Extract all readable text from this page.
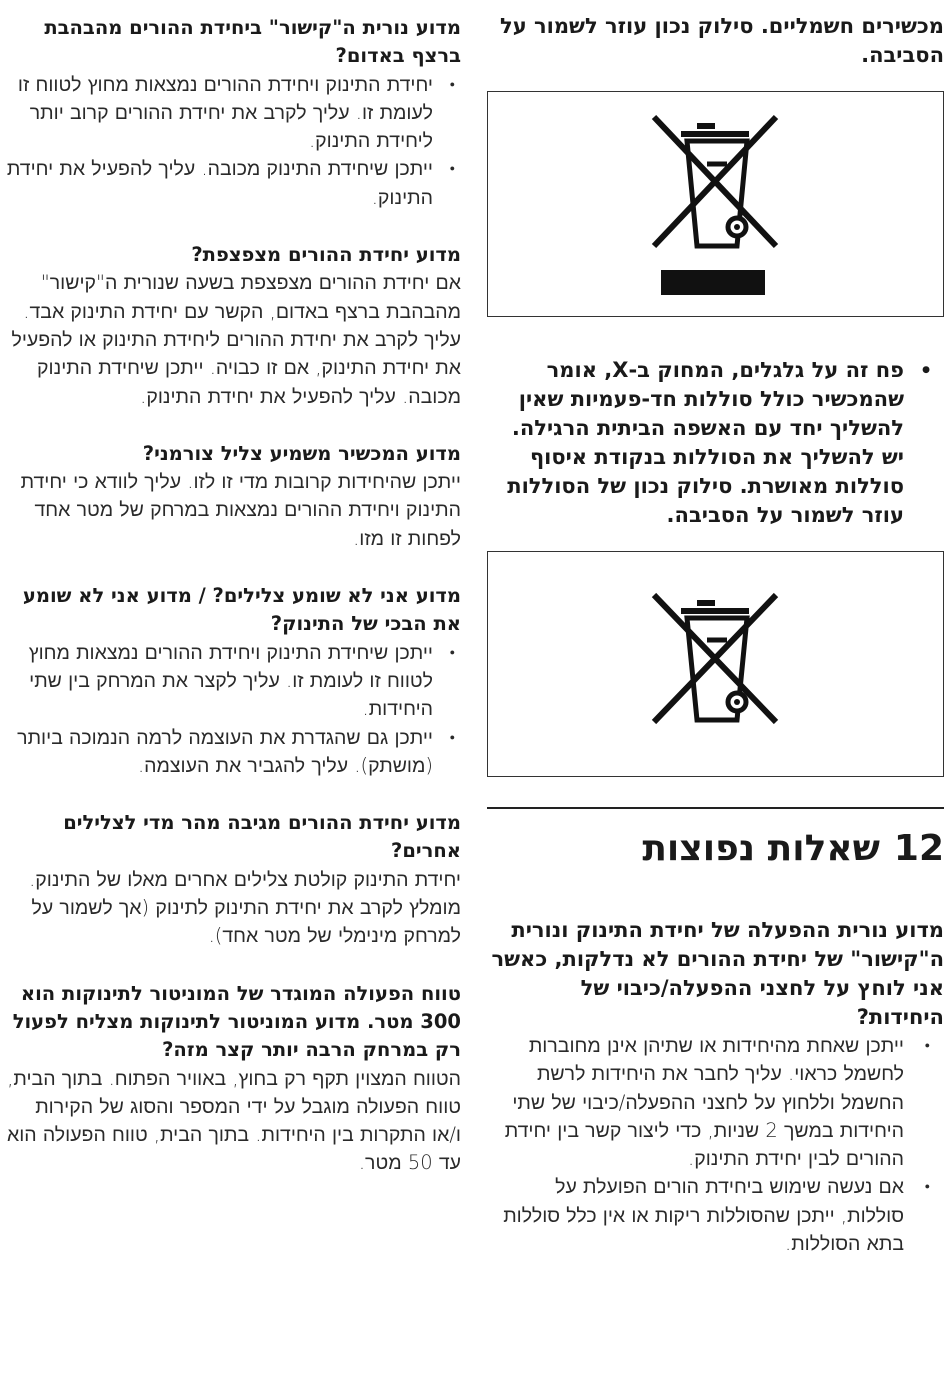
מכשירים חשמליים. סילוק נכון עוזר לשמור על הסביבה.

● פח זה על גלגלים, המחוק ב-X, אומר שהמכשיר כולל סוללות חד-פעמיות שאין להשליך יחד עם האשפה הביתית הרגילה. יש להשליך את הסוללות בנקודת איסוף סוללות מאושרת. סילוק נכון של הסוללות עוזר לשמור על הסביבה.
12
שאלות נפוצות

מדוע נורית ההפעלה של יחידת התינוק ונורית ה"קישור" של יחידת ההורים לא נדלקות, כאשר אני לוחץ על לחצני ההפעלה/כיבוי של היחידות?

● ייתכן שאחת מהיחידות או שתיהן אינן מחוברות לחשמל כראוי. עליך לחבר את היחידות לרשת החשמל וללחוץ על לחצני ההפעלה/כיבוי של שתי היחידות במשך 2 שניות, כדי ליצור קשר בין יחידת ההורים לבין יחידת התינוק.
● אם נעשה שימוש ביחידת הורים הפועלת על סוללות, ייתכן שהסוללות ריקות או אין כלל סוללות בתא הסוללות.

מדוע נורית ה"קישור" ביחידת ההורים מהבהבת ברצף באדום?

● יחידת התינוק ויחידת ההורים נמצאות מחוץ לטווח זו לעומת זו. עליך לקרב את יחידת ההורים קרוב יותר ליחידת התינוק.
● ייתכן שיחידת התינוק מכובה. עליך להפעיל את יחידת התינוק.

מדוע יחידת ההורים מצפצפת?

אם יחידת ההורים מצפצפת בשעה שנורית ה"קישור" מהבהבת ברצף באדום, הקשר עם יחידת התינוק אבד. עליך לקרב את יחידת ההורים ליחידת התינוק או להפעיל את יחידת התינוק, אם זו כבויה. ייתכן שיחידת התינוק מכובה. עליך להפעיל את יחידת התינוק.

מדוע המכשיר משמיע צליל צורמני?

ייתכן שהיחידות קרובות מדי זו לזו. עליך לוודא כי יחידת התינוק ויחידת ההורים נמצאות במרחק של מטר אחד לפחות זו מזו.

מדוע אני לא שומע צלילים? / מדוע אני לא שומע את הבכי של התינוק?

● ייתכן שיחידת התינוק ויחידת ההורים נמצאות מחוץ לטווח זו לעומת זו. עליך לקצר את המרחק בין שתי היחידות.
● ייתכן גם שהגדרת את העוצמה לרמה הנמוכה ביותר (מושתק). עליך להגביר את העוצמה.

מדוע יחידת ההורים מגיבה מהר מדי לצלילים אחרים?

יחידת התינוק קולטת צלילים אחרים מאלו של התינוק. מומלץ לקרב את יחידת התינוק לתינוק (אך לשמור על למרחק מינימלי של מטר אחד).

טווח הפעולה המוגדר של המוניטור לתינוקות הוא 300 מטר. מדוע המוניטור לתינוקות מצליח לפעול רק במרחק הרבה יותר קצר מזה?

הטווח המצוין תקף רק בחוץ, באוויר הפתוח. בתוך הבית, טווח הפעולה מוגבל על ידי המספר והסוג של הקירות ו/או התקרות בין היחידות. בתוך הבית, טווח הפעולה הוא עד 50 מטר.
